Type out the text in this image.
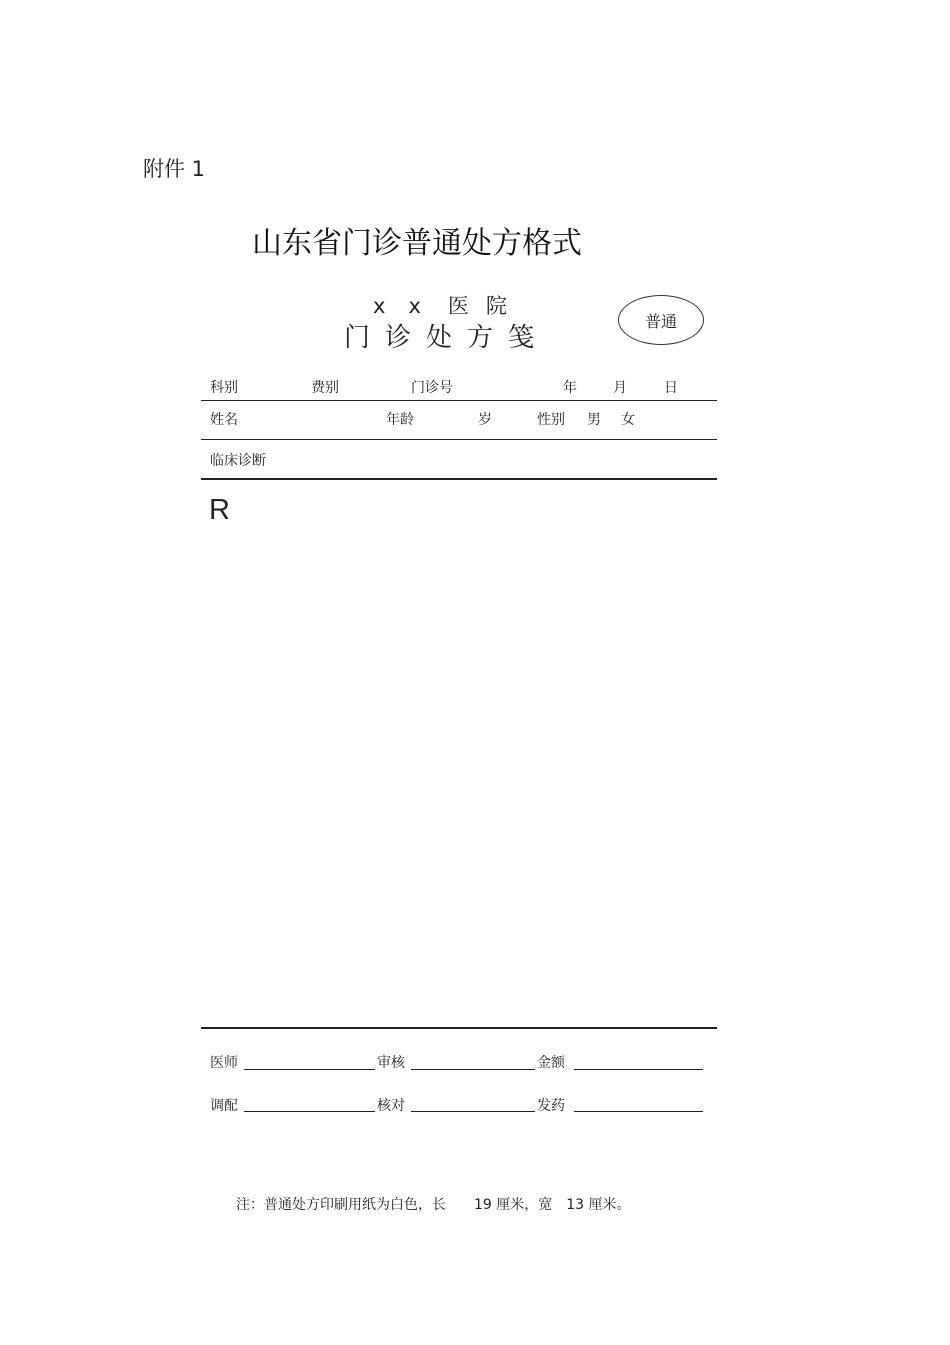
附件 1
山东省门诊普通处方格式
x x 医 院
门 诊 处 方 笺
普通
科别	费别	门诊号	年	月	日
姓名	年龄	岁	性别 男 女
临床诊断
R
医师	审核	金额
调配	核对	发药
注：普通处方印刷用纸为白色，长　　19 厘米，宽　13 厘米。
